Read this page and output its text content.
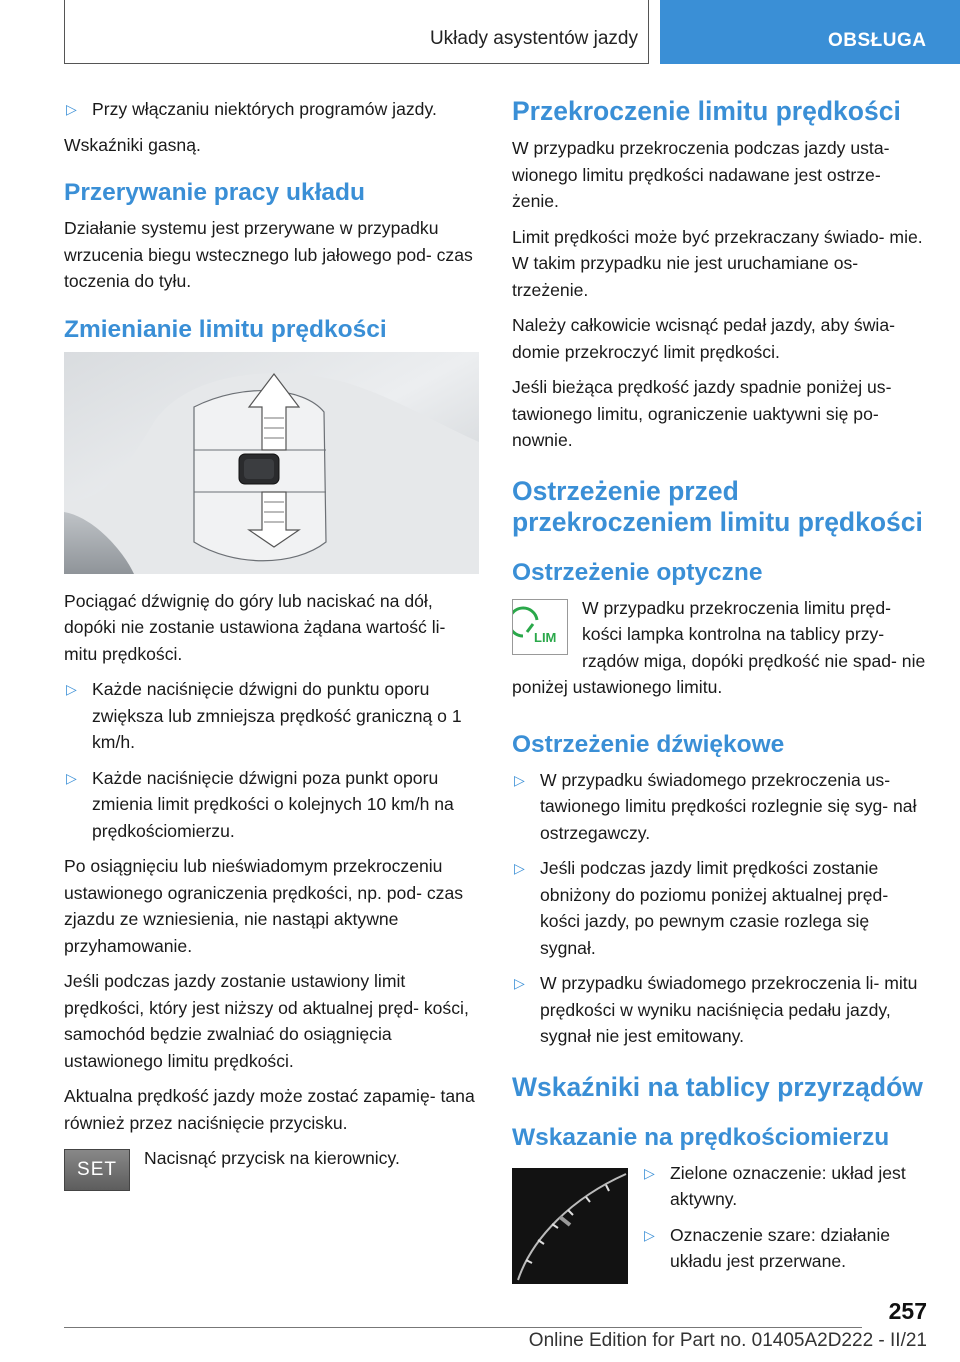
Układy asystentów jazdy	OBSŁUGA
▷ Przy włączaniu niektórych programów jazdy.

Wskaźniki gasną.

Przerywanie pracy układu

Działanie systemu jest przerywane w przypadku wrzucenia biegu wstecznego lub jałowego pod- czas toczenia do tyłu.

Zmienianie limitu prędkości

Pociągać dźwignię do góry lub naciskać na dół, dopóki nie zostanie ustawiona żądana wartość li- mitu prędkości.

▷ Każde naciśnięcie dźwigni do punktu oporu zwiększa lub zmniejsza prędkość graniczną o 1 km/h.
▷ Każde naciśnięcie dźwigni poza punkt oporu zmienia limit prędkości o kolejnych 10 km/h na prędkościomierzu.

Po osiągnięciu lub nieświadomym przekroczeniu ustawionego ograniczenia prędkości, np. pod- czas zjazdu ze wzniesienia, nie nastąpi aktywne przyhamowanie.

Jeśli podczas jazdy zostanie ustawiony limit prędkości, który jest niższy od aktualnej pręd- kości, samochód będzie zwalniać do osiągnięcia ustawionego limitu prędkości.

Aktualna prędkość jazdy może zostać zapamię- tana również przez naciśnięcie przycisku.

SET

Nacisnąć przycisk na kierownicy.

Przekroczenie limitu prędkości

W przypadku przekroczenia podczas jazdy usta- wionego limitu prędkości nadawane jest ostrze- żenie.

Limit prędkości może być przekraczany świado- mie. W takim przypadku nie jest uruchamiane os- trzeżenie.

Należy całkowicie wcisnąć pedał jazdy, aby świa- domie przekroczyć limit prędkości.

Jeśli bieżąca prędkość jazdy spadnie poniżej us- tawionego limitu, ograniczenie uaktywni się po- nownie.

Ostrzeżenie przed przekroczeniem limitu prędkości
Ostrzeżenie optyczne
LIM

W przypadku przekroczenia limitu pręd- kości lampka kontrolna na tablicy przy- rządów miga, dopóki prędkość nie spad- nie poniżej ustawionego limitu.

Ostrzeżenie dźwiękowe
▷ W przypadku świadomego przekroczenia us- tawionego limitu prędkości rozlegnie się syg- nał ostrzegawczy.
▷ Jeśli podczas jazdy limit prędkości zostanie obniżony do poziomu poniżej aktualnej pręd- kości jazdy, po pewnym czasie rozlega się sygnał.
▷ W przypadku świadomego przekroczenia li- mitu prędkości w wyniku naciśnięcia pedału jazdy, sygnał nie jest emitowany.
Wskaźniki na tablicy przyrządów
Wskazanie na prędkościomierzu
▷ Zielone oznaczenie: układ jest aktywny.
▷ Oznaczenie szare: działanie układu jest przerwane.
257
Online Edition for Part no. 01405A2D222 - II/21
